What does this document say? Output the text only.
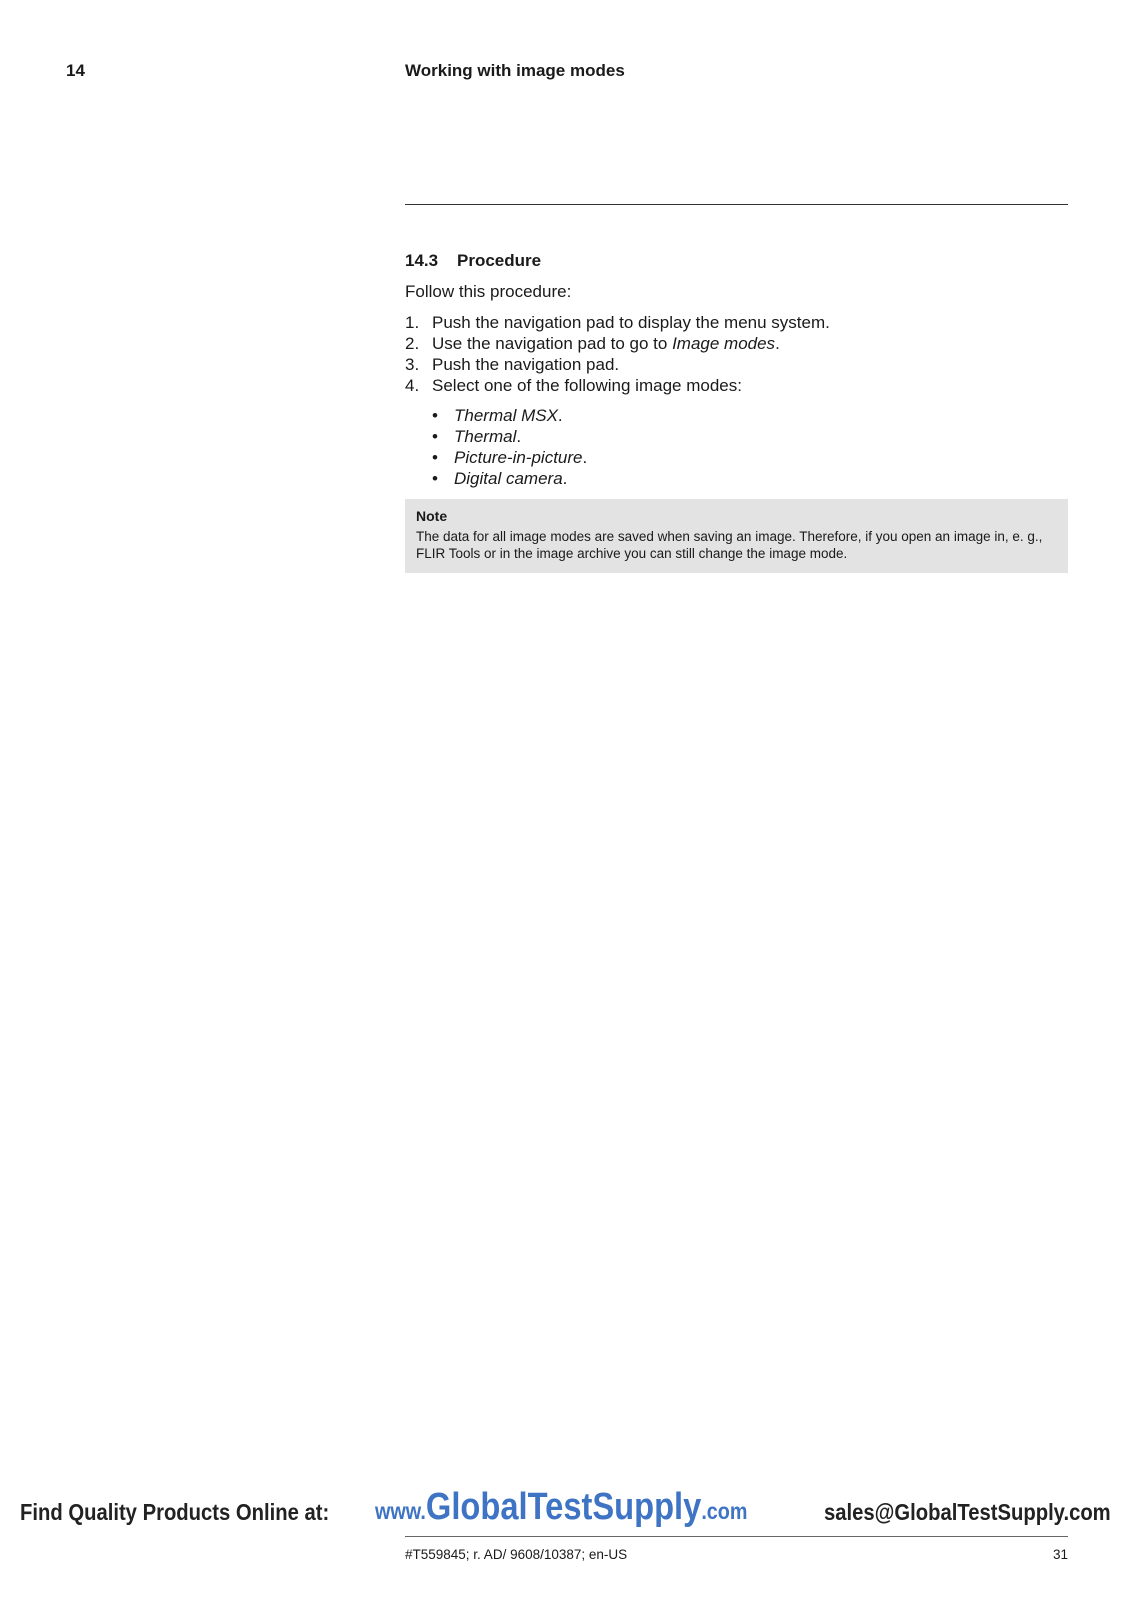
14	Working with image modes
14.3 Procedure
Follow this procedure:
1. Push the navigation pad to display the menu system.
2. Use the navigation pad to go to Image modes.
3. Push the navigation pad.
4. Select one of the following image modes:
• Thermal MSX.
• Thermal.
• Picture-in-picture.
• Digital camera.
Note
The data for all image modes are saved when saving an image. Therefore, if you open an image in, e. g., FLIR Tools or in the image archive you can still change the image mode.
Find Quality Products Online at: www.GlobalTestSupply.com	sales@GlobalTestSupply.com
#T559845; r. AD/ 9608/10387; en-US	31
